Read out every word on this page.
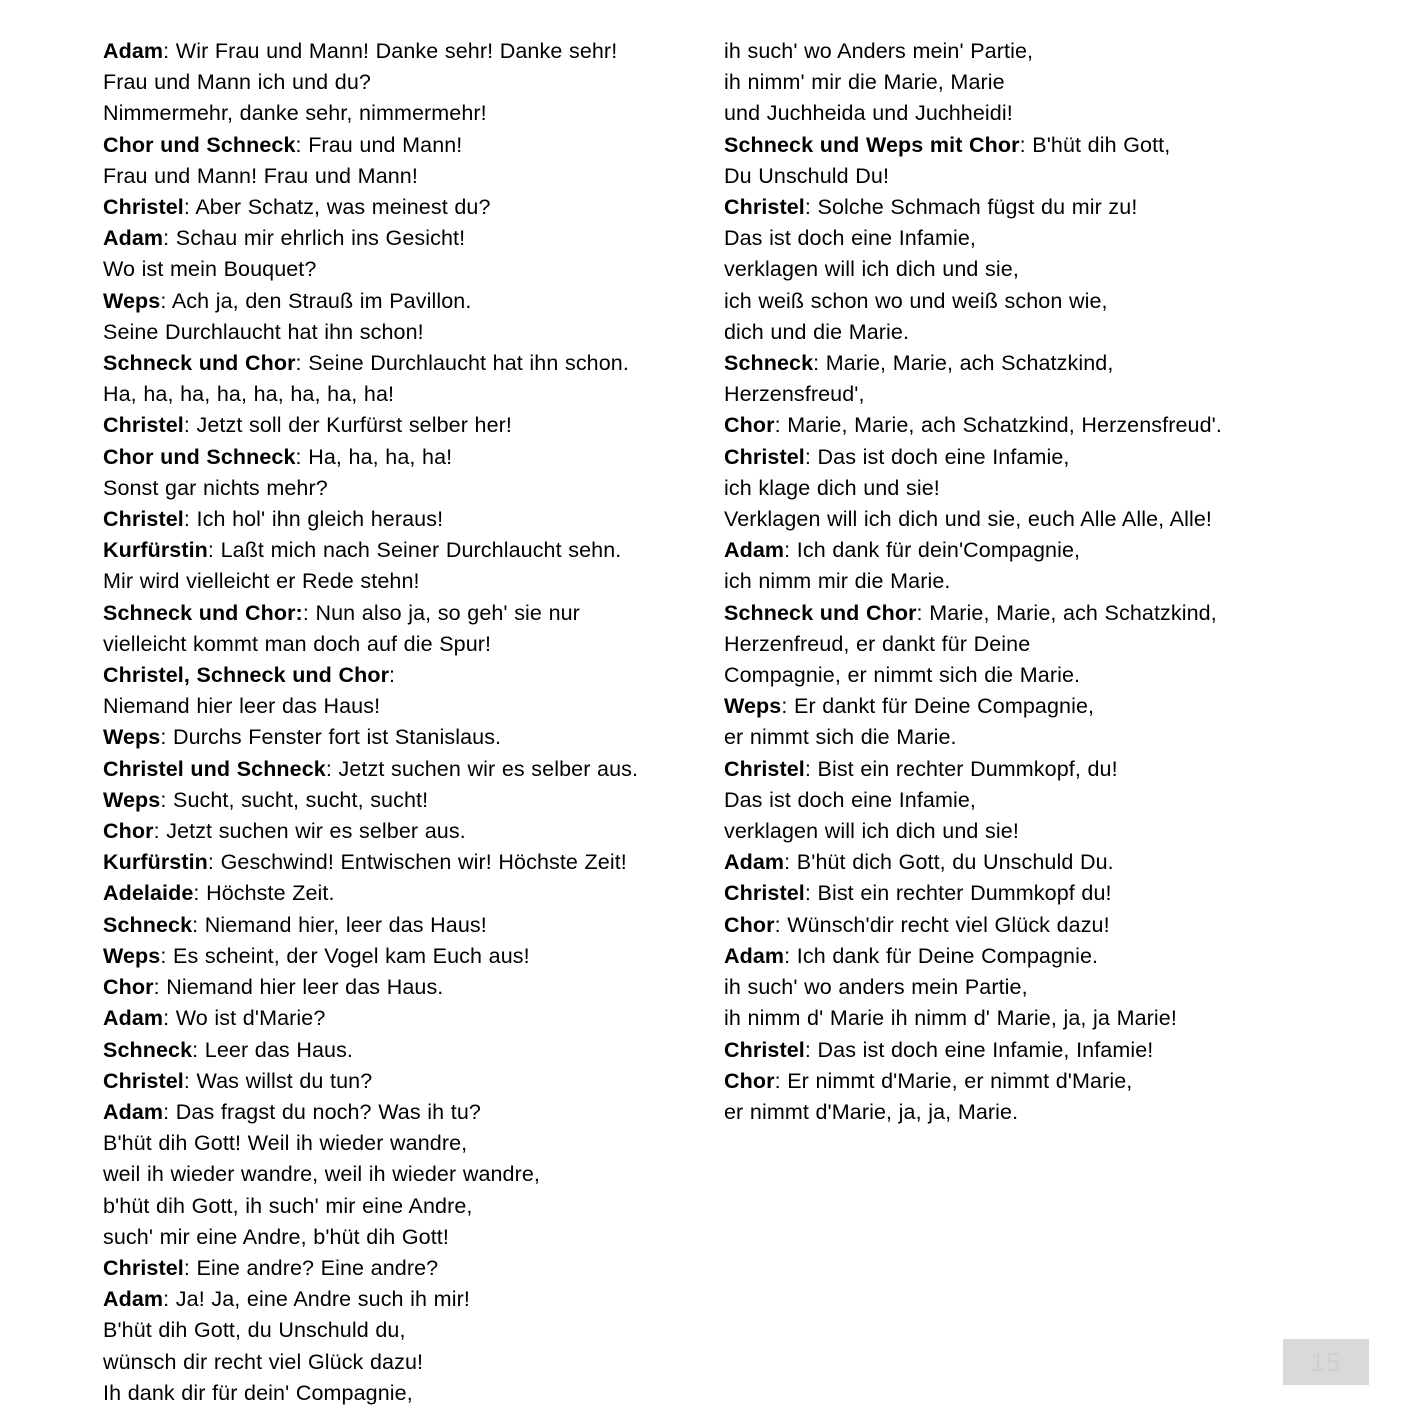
Adam: Wir Frau und Mann! Danke sehr! Danke sehr!
Frau und Mann ich und du?
Nimmermehr, danke sehr, nimmermehr!
Chor und Schneck: Frau und Mann!
Frau und Mann! Frau und Mann!
Christel: Aber Schatz, was meinest du?
Adam: Schau mir ehrlich ins Gesicht!
Wo ist mein Bouquet?
Weps: Ach ja, den Strauß im Pavillon.
Seine Durchlaucht hat ihn schon!
Schneck und Chor: Seine Durchlaucht hat ihn schon.
Ha, ha, ha, ha, ha, ha, ha, ha!
Christel: Jetzt soll der Kurfürst selber her!
Chor und Schneck: Ha, ha, ha, ha!
Sonst gar nichts mehr?
Christel: Ich hol' ihn gleich heraus!
Kurfürstin: Laßt mich nach Seiner Durchlaucht sehn.
Mir wird vielleicht er Rede stehn!
Schneck und Chor:: Nun also ja, so geh' sie nur
vielleicht kommt man doch auf die Spur!
Christel, Schneck und Chor:
Niemand hier leer das Haus!
Weps: Durchs Fenster fort ist Stanislaus.
Christel und Schneck: Jetzt suchen wir es selber aus.
Weps: Sucht, sucht, sucht, sucht!
Chor: Jetzt suchen wir es selber aus.
Kurfürstin: Geschwind! Entwischen wir! Höchste Zeit!
Adelaide: Höchste Zeit.
Schneck: Niemand hier, leer das Haus!
Weps: Es scheint, der Vogel kam Euch aus!
Chor: Niemand hier leer das Haus.
Adam: Wo ist d'Marie?
Schneck: Leer das Haus.
Christel: Was willst du tun?
Adam: Das fragst du noch? Was ih tu?
B'hüt dih Gott! Weil ih wieder wandre,
weil ih wieder wandre, weil ih wieder wandre,
b'hüt dih Gott, ih such' mir eine Andre,
such' mir eine Andre, b'hüt dih Gott!
Christel: Eine andre? Eine andre?
Adam: Ja! Ja, eine Andre such ih mir!
B'hüt dih Gott, du Unschuld du,
wünsch dir recht viel Glück dazu!
Ih dank dir für dein' Compagnie,
ih such' wo Anders mein' Partie,
ih nimm' mir die Marie, Marie
und Juchheida und Juchheidi!
Schneck und Weps mit Chor: B'hüt dih Gott,
Du Unschuld Du!
Christel: Solche Schmach fügst du mir zu!
Das ist doch eine Infamie,
verklagen will ich dich und sie,
ich weiß schon wo und weiß schon wie,
dich und die Marie.
Schneck: Marie, Marie, ach Schatzkind,
Herzensfreud',
Chor: Marie, Marie, ach Schatzkind, Herzensfreud'.
Christel: Das ist doch eine Infamie,
ich klage dich und sie!
Verklagen will ich dich und sie, euch Alle Alle, Alle!
Adam: Ich dank für dein'Compagnie,
ich nimm mir die Marie.
Schneck und Chor: Marie, Marie, ach Schatzkind,
Herzenfreud, er dankt für Deine
Compagnie, er nimmt sich die Marie.
Weps: Er dankt für Deine Compagnie,
er nimmt sich die Marie.
Christel: Bist ein rechter Dummkopf, du!
Das ist doch eine Infamie,
verklagen will ich dich und sie!
Adam: B'hüt dich Gott, du Unschuld Du.
Christel: Bist ein rechter Dummkopf du!
Chor: Wünsch'dir recht viel Glück dazu!
Adam: Ich dank für Deine Compagnie.
ih such' wo anders mein Partie,
ih nimm d' Marie ih nimm d' Marie, ja, ja Marie!
Christel: Das ist doch eine Infamie, Infamie!
Chor: Er nimmt d'Marie, er nimmt d'Marie,
er nimmt d'Marie, ja, ja, Marie.
15
